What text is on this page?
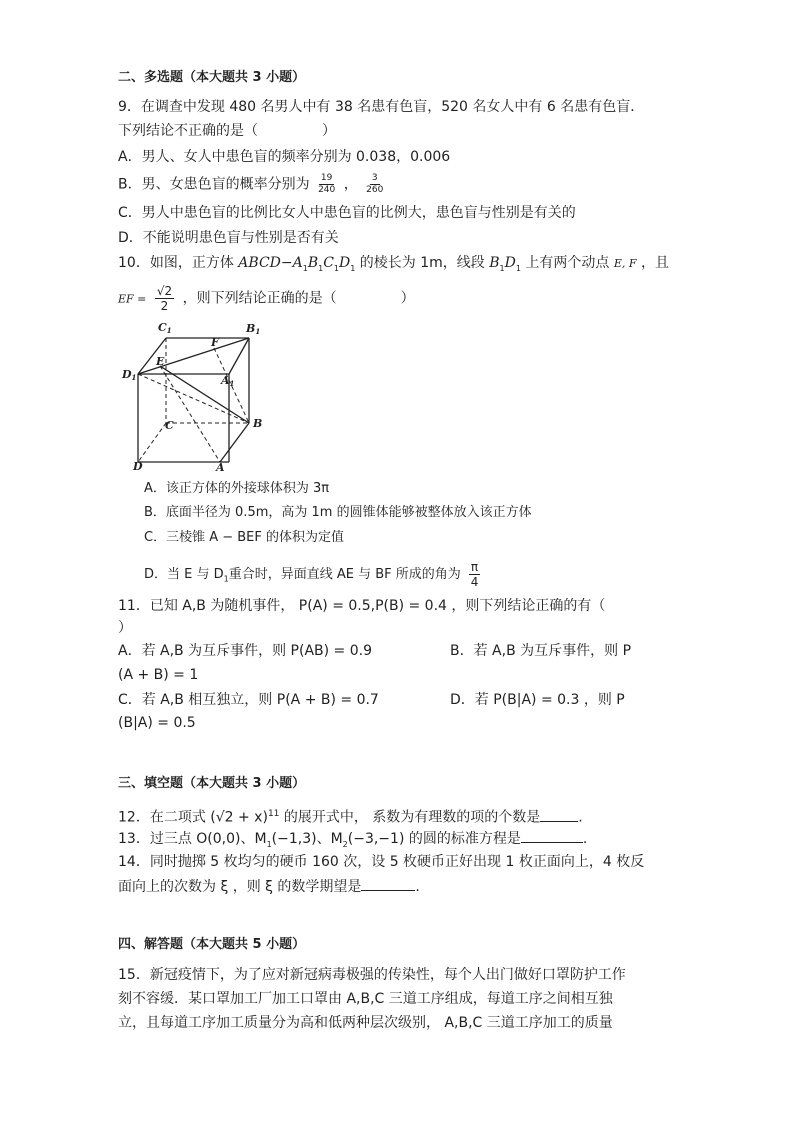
二、多选题（本大题共 3 小题）
9．在调查中发现 480 名男人中有 38 名患有色盲，520 名女人中有 6 名患有色盲．
下列结论不正确的是（	）
A．男人、女人中患色盲的频率分别为 0.038，0.006
B．男、女患色盲的概率分别为 $\frac{19}{240}$ ， $\frac{3}{260}$
C．男人中患色盲的比例比女人中患色盲的比例大，患色盲与性别是有关的
D．不能说明患色盲与性别是否有关
10．如图，正方体 $ABCD-A_1B_1C_1D_1$ 的棱长为 1m，线段 $B_1D_1$ 上有两个动点 E, F ，且
EF = $\frac{√2}{2}$ ，则下列结论正确的是（	）
C1	B1
D1	A1
E
F
C	B
D	A
A．该正方体的外接球体积为 3π
B．底面半径为 0.5m，高为 1m 的圆锥体能够被整体放入该正方体
C．三棱锥 A − BEF 的体积为定值
D．当 E 与 $D_1$重合时，异面直线 AE 与 BF 所成的角为 $\frac{\pi}{4}$
11．已知 A,B 为随机事件， P(A) = 0.5,P(B) = 0.4 ，则下列结论正确的有（
）
A．若 A,B 为互斥事件，则 P(AB) = 0.9	B．若 A,B 为互斥事件，则 P
(A + B) = 1
C．若 A,B 相互独立，则 P(A + B) = 0.7	D．若 P(B|A) = 0.3 ，则 P
(B|A) = 0.5
三、填空题（本大题共 3 小题）
12．在二项式 $(√2 + x)^{11}$ 的展开式中， 系数为有理数的项的个数是	.
13．过三点 O(0,0)、$M_1(-1,3)$、$M_2(-3,-1)$ 的圆的标准方程是	.
14．同时抛掷 5 枚均匀的硬币 160 次，设 5 枚硬币正好出现 1 枚正面向上，4 枚反
面向上的次数为 ξ ，则 ξ 的数学期望是	.
四、解答题（本大题共 5 小题）
15．新冠疫情下，为了应对新冠病毒极强的传染性，每个人出门做好口罩防护工作
刻不容缓．某口罩加工厂加工口罩由 A,B,C 三道工序组成，每道工序之间相互独
立，且每道工序加工质量分为高和低两种层次级别， A,B,C 三道工序加工的质量
